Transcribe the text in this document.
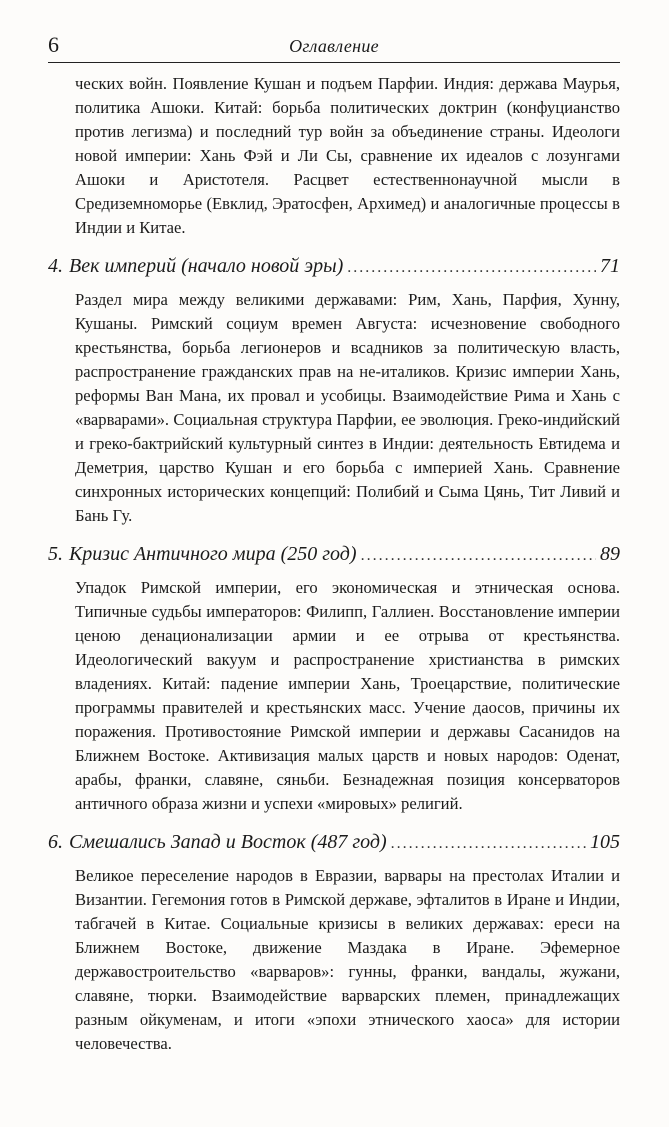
6	Оглавление

ческих войн. Появление Кушан и подъем Парфии. Индия: держава Маурья, политика Ашоки. Китай: борьба политических доктрин (конфуцианство против легизма) и последний тур войн за объединение страны. Идеологи новой империи: Хань Фэй и Ли Сы, сравнение их идеалов с лозунгами Ашоки и Аристотеля. Расцвет естественнонаучной мысли в Средиземноморье (Евклид, Эратосфен, Архимед) и аналогичные процессы в Индии и Китае.

4. Век империй (начало новой эры) .....	71

Раздел мира между великими державами: Рим, Хань, Парфия, Хунну, Кушаны. Римский социум времен Августа: исчезновение свободного крестьянства, борьба легионеров и всадников за политическую власть, распространение гражданских прав на не-италиков. Кризис империи Хань, реформы Ван Мана, их провал и усобицы. Взаимодействие Рима и Хань с «варварами». Социальная структура Парфии, ее эволюция. Греко-индийский и греко-бактрийский культурный синтез в Индии: деятельность Евтидема и Деметрия, царство Кушан и его борьба с империей Хань. Сравнение синхронных исторических концепций: Полибий и Сыма Цянь, Тит Ливий и Бань Гу.

5. Кризис Античного мира (250 год) .....	89

Упадок Римской империи, его экономическая и этническая основа. Типичные судьбы императоров: Филипп, Галлиен. Восстановление империи ценою денационализации армии и ее отрыва от крестьянства. Идеологический вакуум и распространение христианства в римских владениях. Китай: падение империи Хань, Троецарствие, политические программы правителей и крестьянских масс. Учение даосов, причины их поражения. Противостояние Римской империи и державы Сасанидов на Ближнем Востоке. Активизация малых царств и новых народов: Оденат, арабы, франки, славяне, сяньби. Безнадежная позиция консерваторов античного образа жизни и успехи «мировых» религий.

6. Смешались Запад и Восток (487 год) .....	105

Великое переселение народов в Евразии, варвары на престолах Италии и Византии. Гегемония готов в Римской державе, эфталитов в Иране и Индии, табгачей в Китае. Социальные кризисы в великих державах: ереси на Ближнем Востоке, движение Маздака в Иране. Эфемерное державостроительство «варваров»: гунны, франки, вандалы, жужани, славяне, тюрки. Взаимодействие варварских племен, принадлежащих разным ойкуменам, и итоги «эпохи этнического хаоса» для истории человечества.
